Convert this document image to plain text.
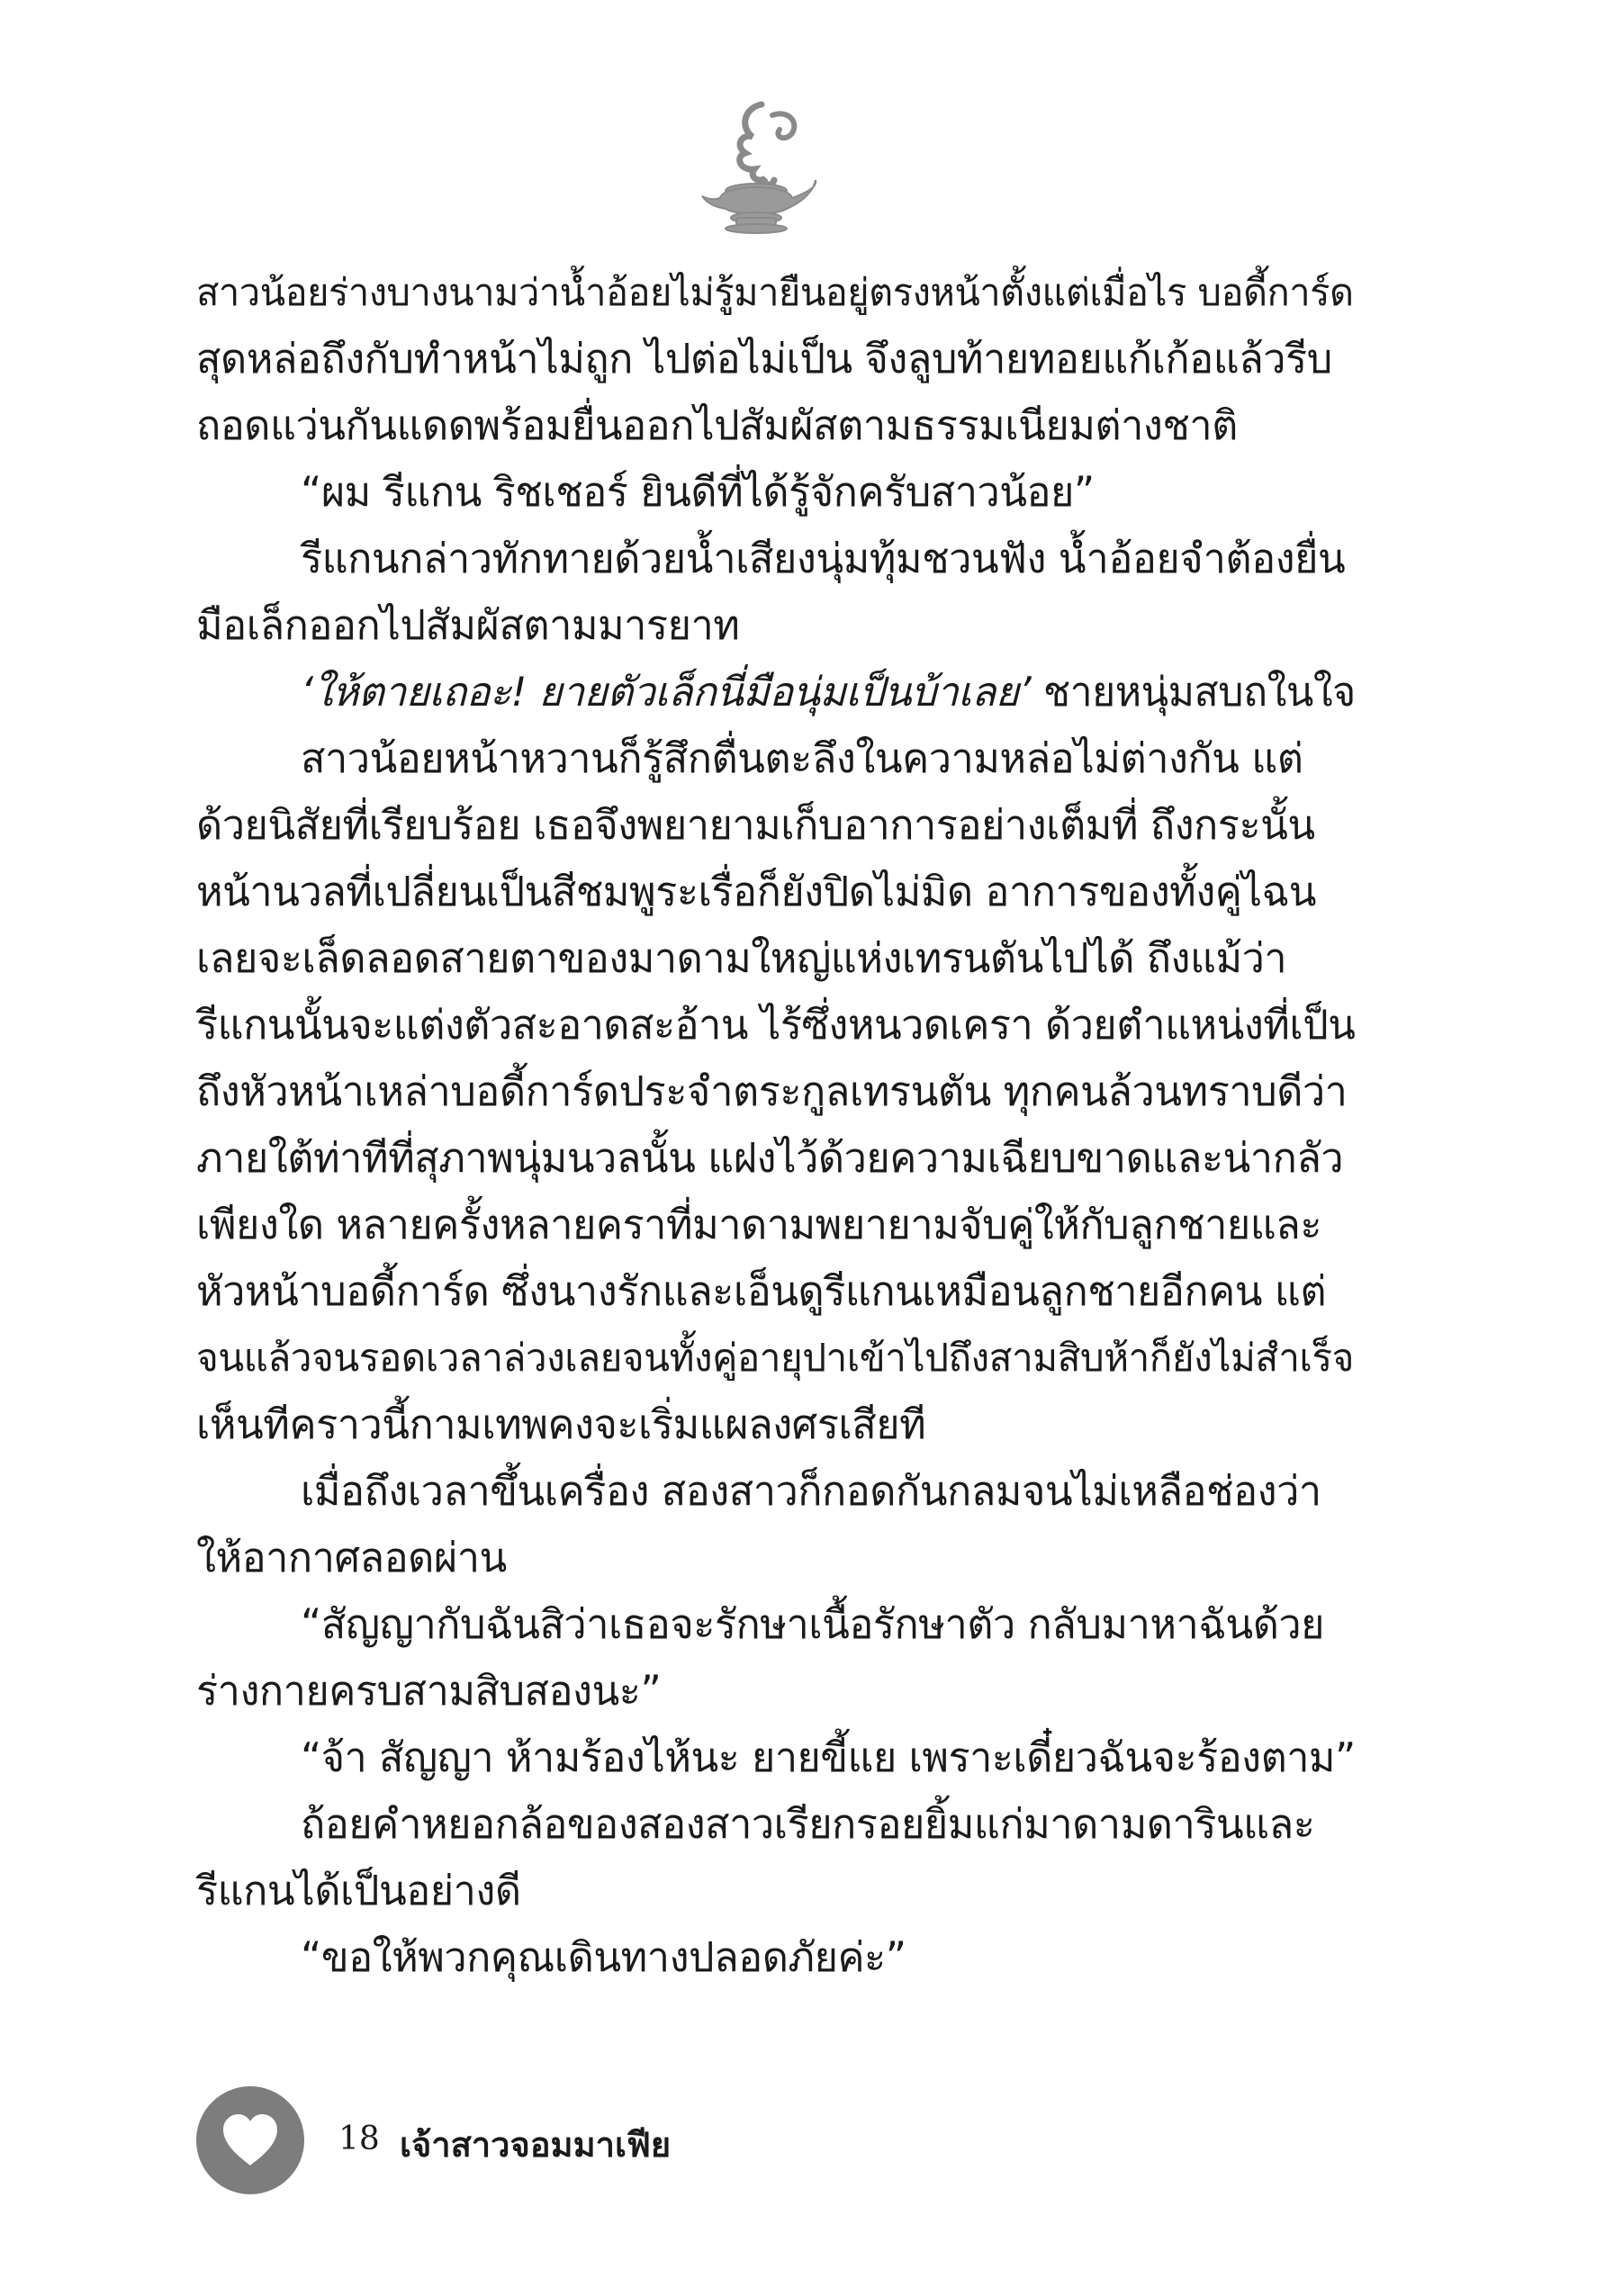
สาวน้อยร่างบางนามว่าน้ำอ้อยไม่รู้มายืนอยู่ตรงหน้าตั้งแต่เมื่อไร บอดี้การ์ด
สุดหล่อถึงกับทำหน้าไม่ถูก ไปต่อไม่เป็น จึงลูบท้ายทอยแก้เก้อแล้วรีบ
ถอดแว่นกันแดดพร้อมยื่นออกไปสัมผัสตามธรรมเนียมต่างชาติ
“ผม รีแกน ริชเชอร์ ยินดีที่ได้รู้จักครับสาวน้อย”
รีแกนกล่าวทักทายด้วยน้ำเสียงนุ่มทุ้มชวนฟัง น้ำอ้อยจำต้องยื่น
มือเล็กออกไปสัมผัสตามมารยาท
‘ให้ตายเถอะ! ยายตัวเล็กนี่มือนุ่มเป็นบ้าเลย’ ชายหนุ่มสบถในใจ
สาวน้อยหน้าหวานก็รู้สึกตื่นตะลึงในความหล่อไม่ต่างกัน แต่
ด้วยนิสัยที่เรียบร้อย เธอจึงพยายามเก็บอาการอย่างเต็มที่ ถึงกระนั้น
หน้านวลที่เปลี่ยนเป็นสีชมพูระเรื่อก็ยังปิดไม่มิด อาการของทั้งคู่ไฉน
เลยจะเล็ดลอดสายตาของมาดามใหญ่แห่งเทรนตันไปได้ ถึงแม้ว่า
รีแกนนั้นจะแต่งตัวสะอาดสะอ้าน ไร้ซึ่งหนวดเครา ด้วยตำแหน่งที่เป็น
ถึงหัวหน้าเหล่าบอดี้การ์ดประจำตระกูลเทรนตัน ทุกคนล้วนทราบดีว่า
ภายใต้ท่าทีที่สุภาพนุ่มนวลนั้น แฝงไว้ด้วยความเฉียบขาดและน่ากลัว
เพียงใด หลายครั้งหลายคราที่มาดามพยายามจับคู่ให้กับลูกชายและ
หัวหน้าบอดี้การ์ด ซึ่งนางรักและเอ็นดูรีแกนเหมือนลูกชายอีกคน แต่
จนแล้วจนรอดเวลาล่วงเลยจนทั้งคู่อายุปาเข้าไปถึงสามสิบห้าก็ยังไม่สำเร็จ
เห็นทีคราวนี้กามเทพคงจะเริ่มแผลงศรเสียที
เมื่อถึงเวลาขึ้นเครื่อง สองสาวก็กอดกันกลมจนไม่เหลือช่องว่า
ให้อากาศลอดผ่าน
“สัญญากับฉันสิว่าเธอจะรักษาเนื้อรักษาตัว กลับมาหาฉันด้วย
ร่างกายครบสามสิบสองนะ”
“จ้า สัญญา ห้ามร้องไห้นะ ยายขี้แย เพราะเดี๋ยวฉันจะร้องตาม”
ถ้อยคำหยอกล้อของสองสาวเรียกรอยยิ้มแก่มาดามดารินและ
รีแกนได้เป็นอย่างดี
“ขอให้พวกคุณเดินทางปลอดภัยค่ะ”
18 เจ้าสาวจอมมาเฟีย
